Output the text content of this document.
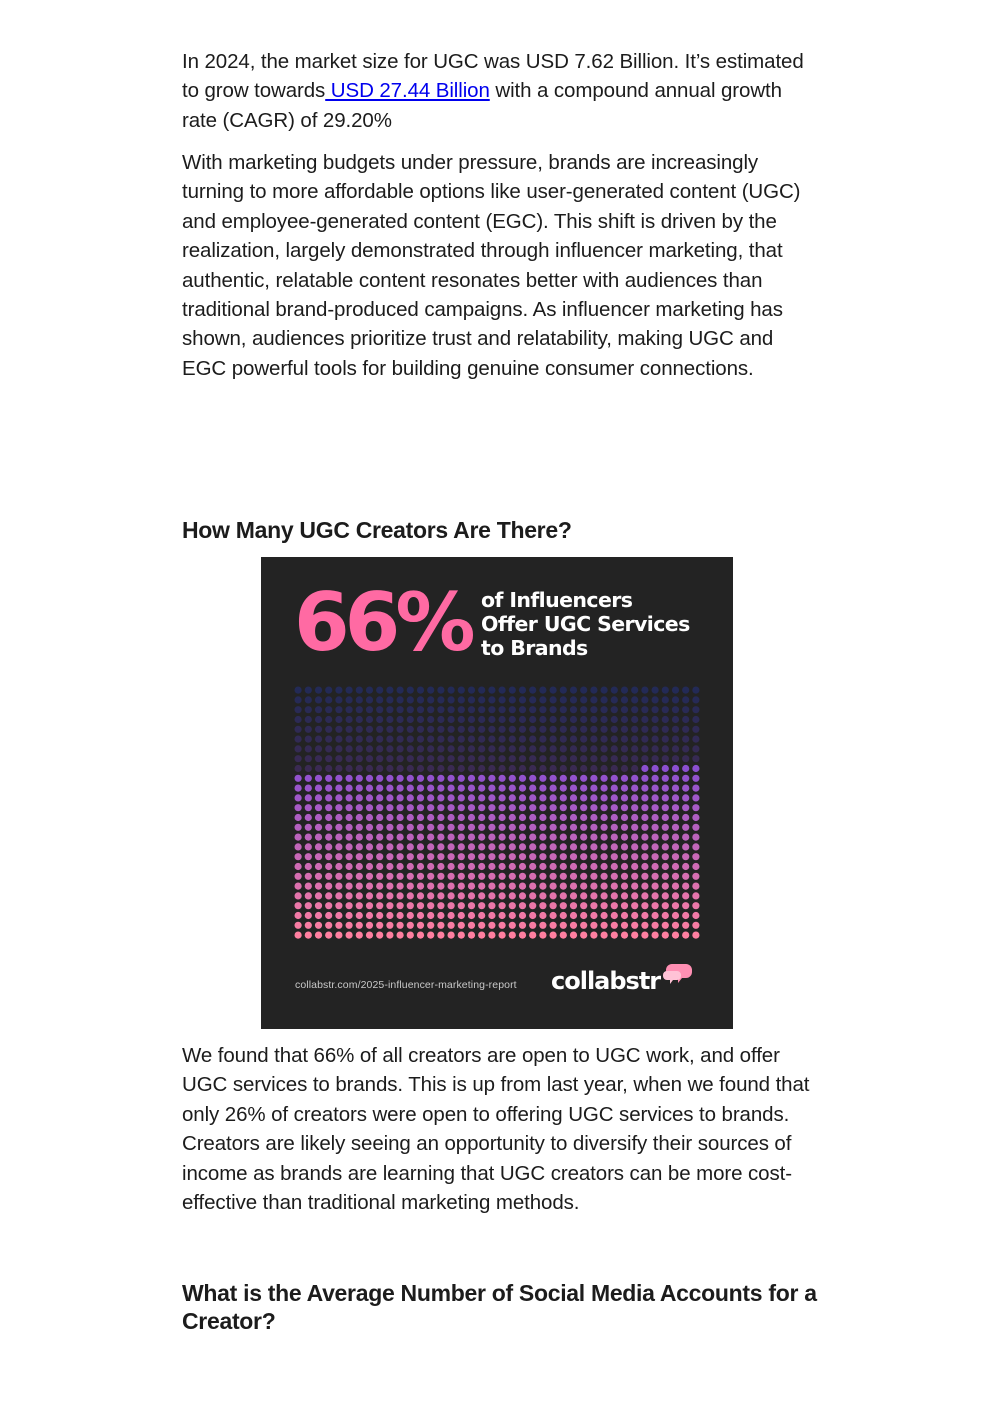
In 2024, the market size for UGC was USD 7.62 Billion. It’s estimated to grow towards USD 27.44 Billion with a compound annual growth rate (CAGR) of 29.20%

With marketing budgets under pressure, brands are increasingly turning to more affordable options like user-generated content (UGC) and employee-generated content (EGC). This shift is driven by the realization, largely demonstrated through influencer marketing, that authentic, relatable content resonates better with audiences than traditional brand-produced campaigns. As influencer marketing has shown, audiences prioritize trust and relatability, making UGC and EGC powerful tools for building genuine consumer connections.

How Many UGC Creators Are There?
66% of Influencers
Offer UGC Services
to Brands
collabstr.com/2025-influencer-marketing-report collabstr

We found that 66% of all creators are open to UGC work, and offer UGC services to brands. This is up from last year, when we found that only 26% of creators were open to offering UGC services to brands. Creators are likely seeing an opportunity to diversify their sources of income as brands are learning that UGC creators can be more cost-effective than traditional marketing methods.

What is the Average Number of Social Media Accounts for a Creator?
